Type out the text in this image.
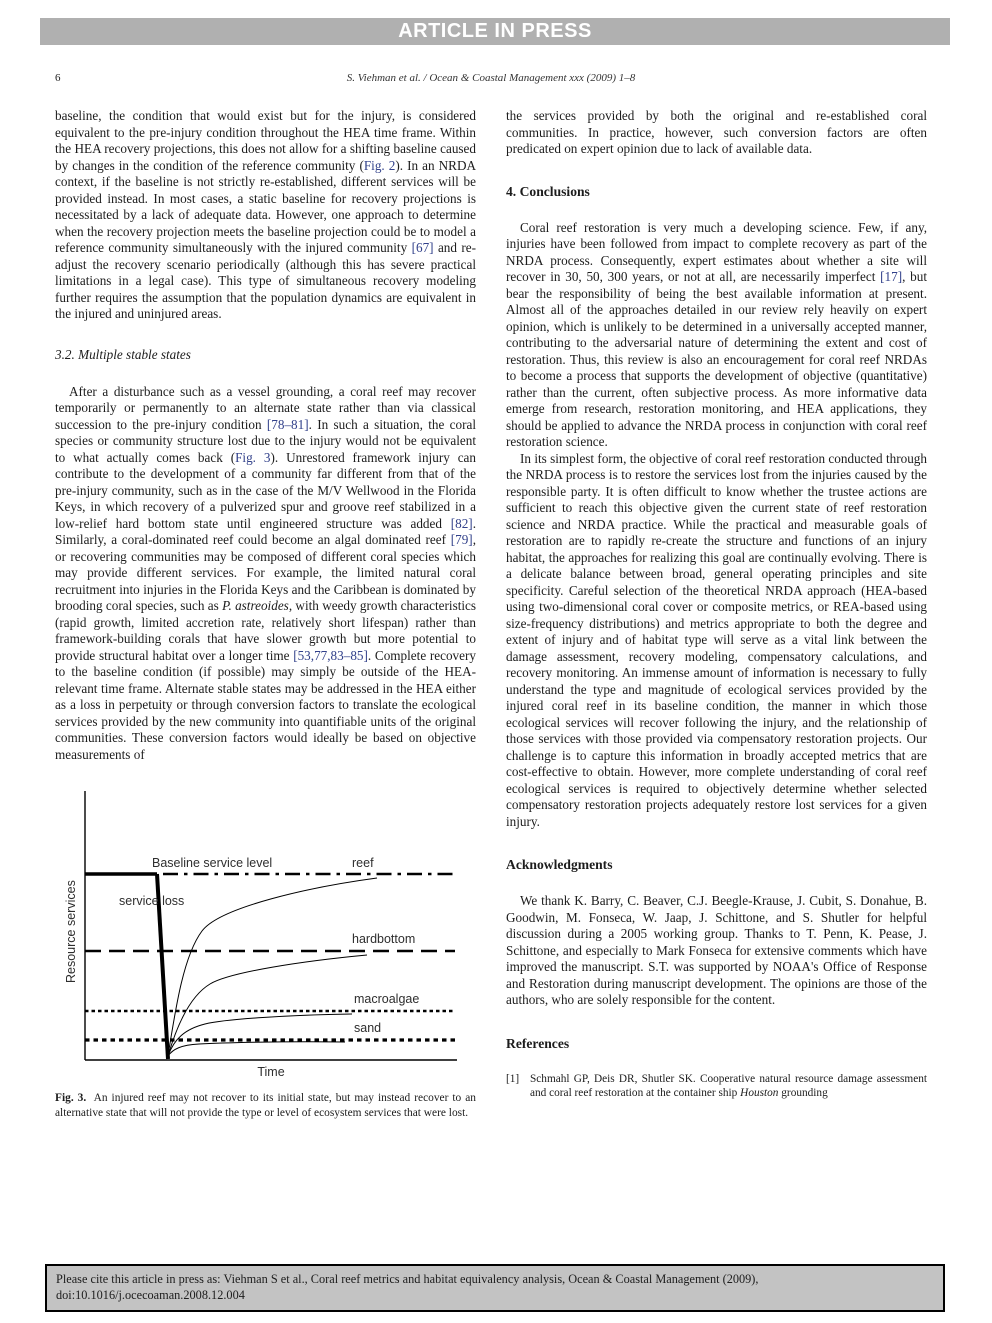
ARTICLE IN PRESS
6	S. Viehman et al. / Ocean & Coastal Management xxx (2009) 1–8

baseline, the condition that would exist but for the injury, is considered equivalent to the pre-injury condition throughout the HEA time frame. Within the HEA recovery projections, this does not allow for a shifting baseline caused by changes in the condition of the reference community (Fig. 2). In an NRDA context, if the baseline is not strictly re-established, different services will be provided instead. In most cases, a static baseline for recovery projections is necessitated by a lack of adequate data. However, one approach to determine when the recovery projection meets the baseline projection could be to model a reference community simultaneously with the injured community [67] and re-adjust the recovery scenario periodically (although this has severe practical limitations in a legal case). This type of simultaneous recovery modeling further requires the assumption that the population dynamics are equivalent in the injured and uninjured areas.

3.2. Multiple stable states

After a disturbance such as a vessel grounding, a coral reef may recover temporarily or permanently to an alternate state rather than via classical succession to the pre-injury condition [78–81]. In such a situation, the coral species or community structure lost due to the injury would not be equivalent to what actually comes back (Fig. 3). Unrestored framework injury can contribute to the development of a community far different from that of the pre-injury community, such as in the case of the M/V Wellwood in the Florida Keys, in which recovery of a pulverized spur and groove reef stabilized in a low-relief hard bottom state until engineered structure was added [82]. Similarly, a coral-dominated reef could become an algal dominated reef [79], or recovering communities may be composed of different coral species which may provide different services. For example, the limited natural coral recruitment into injuries in the Florida Keys and the Caribbean is dominated by brooding coral species, such as P. astreoides, with weedy growth characteristics (rapid growth, limited accretion rate, relatively short lifespan) rather than framework-building corals that have slower growth but more potential to provide structural habitat over a longer time [53,77,83–85]. Complete recovery to the baseline condition (if possible) may simply be outside of the HEA-relevant time frame. Alternate stable states may be addressed in the HEA either as a loss in perpetuity or through conversion factors to translate the ecological services provided by the new community into quantifiable units of the original communities. These conversion factors would ideally be based on objective measurements of

Baseline service level	reef
service loss
hardbottom
macroalgae
sand
Time
Resource services

Fig. 3. An injured reef may not recover to its initial state, but may instead recover to an alternative state that will not provide the type or level of ecosystem services that were lost.

the services provided by both the original and re-established coral communities. In practice, however, such conversion factors are often predicated on expert opinion due to lack of available data.

4. Conclusions

Coral reef restoration is very much a developing science. Few, if any, injuries have been followed from impact to complete recovery as part of the NRDA process. Consequently, expert estimates about whether a site will recover in 30, 50, 300 years, or not at all, are necessarily imperfect [17], but bear the responsibility of being the best available information at present. Almost all of the approaches detailed in our review rely heavily on expert opinion, which is unlikely to be determined in a universally accepted manner, contributing to the adversarial nature of determining the extent and cost of restoration. Thus, this review is also an encouragement for coral reef NRDAs to become a process that supports the development of objective (quantitative) rather than the current, often subjective process. As more informative data emerge from research, restoration monitoring, and HEA applications, they should be applied to advance the NRDA process in conjunction with coral reef restoration science.

In its simplest form, the objective of coral reef restoration conducted through the NRDA process is to restore the services lost from the injuries caused by the responsible party. It is often difficult to know whether the trustee actions are sufficient to reach this objective given the current state of reef restoration science and NRDA practice. While the practical and measurable goals of restoration are to rapidly re-create the structure and functions of an injury habitat, the approaches for realizing this goal are continually evolving. There is a delicate balance between broad, general operating principles and site specificity. Careful selection of the theoretical NRDA approach (HEA-based using two-dimensional coral cover or composite metrics, or REA-based using size-frequency distributions) and metrics appropriate to both the degree and extent of injury and of habitat type will serve as a vital link between the damage assessment, recovery modeling, compensatory calculations, and recovery monitoring. An immense amount of information is necessary to fully understand the type and magnitude of ecological services provided by the injured coral reef in its baseline condition, the manner in which those ecological services will recover following the injury, and the relationship of those services with those provided via compensatory restoration projects. Our challenge is to capture this information in broadly accepted metrics that are cost-effective to obtain. However, more complete understanding of coral reef ecological services is required to objectively determine whether selected compensatory restoration projects adequately restore lost services for a given injury.

Acknowledgments

We thank K. Barry, C. Beaver, C.J. Beegle-Krause, J. Cubit, S. Donahue, B. Goodwin, M. Fonseca, W. Jaap, J. Schittone, and S. Shutler for helpful discussion during a 2005 working group. Thanks to T. Penn, K. Pease, J. Schittone, and especially to Mark Fonseca for extensive comments which have improved the manuscript. S.T. was supported by NOAA's Office of Response and Restoration during manuscript development. The opinions are those of the authors, who are solely responsible for the content.

References
[1] Schmahl GP, Deis DR, Shutler SK. Cooperative natural resource damage assessment and coral reef restoration at the container ship Houston grounding
Please cite this article in press as: Viehman S et al., Coral reef metrics and habitat equivalency analysis, Ocean & Coastal Management (2009), doi:10.1016/j.ocecoaman.2008.12.004
